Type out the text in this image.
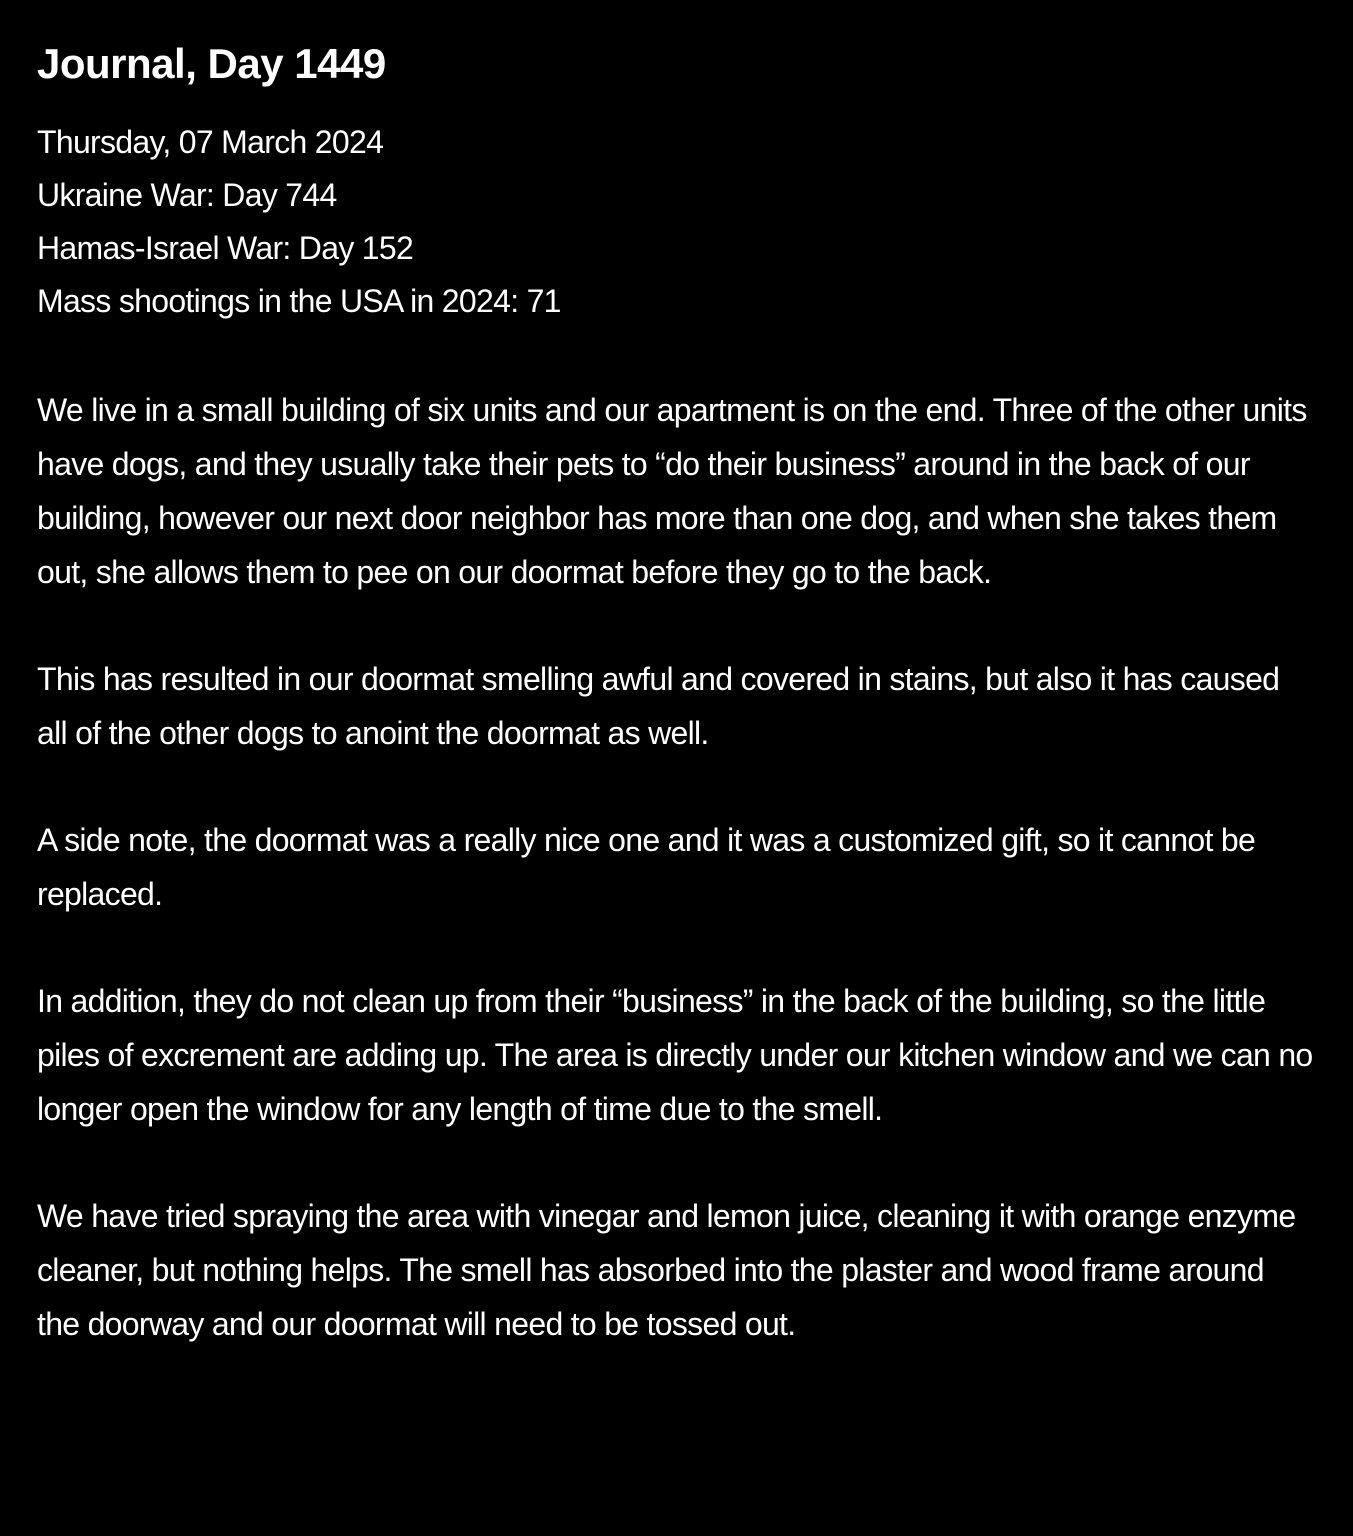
Journal, Day 1449
Thursday, 07 March 2024
Ukraine War: Day 744
Hamas-Israel War: Day 152
Mass shootings in the USA in 2024: 71

We live in a small building of six units and our apartment is on the end. Three of the other units have dogs, and they usually take their pets to “do their business” around in the back of our building, however our next door neighbor has more than one dog, and when she takes them out, she allows them to pee on our doormat before they go to the back.

This has resulted in our doormat smelling awful and covered in stains, but also it has caused all of the other dogs to anoint the doormat as well.

A side note, the doormat was a really nice one and it was a customized gift, so it cannot be replaced.

In addition, they do not clean up from their “business” in the back of the building, so the little piles of excrement are adding up. The area is directly under our kitchen window and we can no longer open the window for any length of time due to the smell.

We have tried spraying the area with vinegar and lemon juice, cleaning it with orange enzyme cleaner, but nothing helps. The smell has absorbed into the plaster and wood frame around the doorway and our doormat will need to be tossed out.
